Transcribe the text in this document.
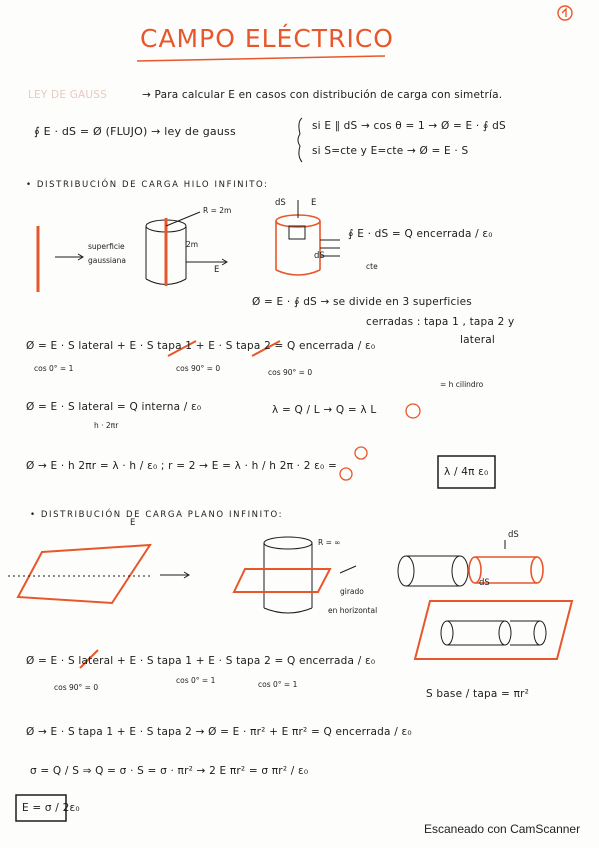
CAMPO ELÉCTRICO
LEY DE GAUSS	→ Para calcular E en casos con distribución de carga con simetría.
∮ E · dS = Ø (FLUJO) → ley de gauss	si E ∥ dS → cos θ = 1 → Ø = E · ∮ dS
si S=cte y E=cte → Ø = E · S
• DISTRIBUCIÓN DE CARGA HILO INFINITO:
superficie
gaussiana
R = 2m
2m
E
dS	E
dS
∮ E · dS = Q encerrada / ε₀
cte
Ø = E · ∮ dS → se divide en 3 superficies
cerradas : tapa 1 , tapa 2 y
lateral
Ø = E · S lateral + E · S tapa 1 + E · S tapa 2 = Q encerrada / ε₀
cos 0° = 1	cos 90° = 0	cos 90° = 0
= h cilindro
Ø = E · S lateral = Q interna / ε₀
h · 2πr
λ = Q / L → Q = λ L
Ø → E · h 2πr = λ · h / ε₀ ; r = 2 → E = λ · h / h 2π · 2 ε₀ =	λ / 4π ε₀
• DISTRIBUCIÓN DE CARGA PLANO INFINITO:
E
R = ∞
girado
en horizontal
dS
dS
Ø = E · S lateral + E · S tapa 1 + E · S tapa 2 = Q encerrada / ε₀
cos 90° = 0
cos 0° = 1	cos 0° = 1
S base / tapa = πr²
Ø → E · S tapa 1 + E · S tapa 2 → Ø = E · πr² + E πr² = Q encerrada / ε₀
σ = Q / S ⇒ Q = σ · S = σ · πr² → 2 E πr² = σ πr² / ε₀
E = σ / 2ε₀
Escaneado con CamScanner
